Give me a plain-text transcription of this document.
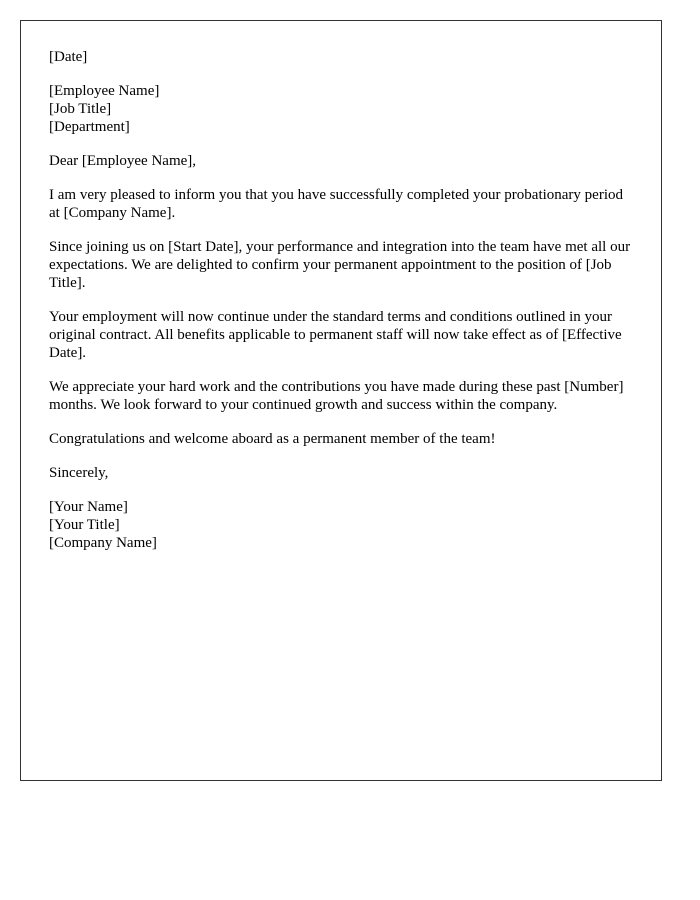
[Date]

[Employee Name]
[Job Title]
[Department]

Dear [Employee Name],

I am very pleased to inform you that you have successfully completed your probationary period at [Company Name].

Since joining us on [Start Date], your performance and integration into the team have met all our expectations. We are delighted to confirm your permanent appointment to the position of [Job Title].

Your employment will now continue under the standard terms and conditions outlined in your original contract. All benefits applicable to permanent staff will now take effect as of [Effective Date].

We appreciate your hard work and the contributions you have made during these past [Number] months. We look forward to your continued growth and success within the company.

Congratulations and welcome aboard as a permanent member of the team!

Sincerely,

[Your Name]
[Your Title]
[Company Name]
